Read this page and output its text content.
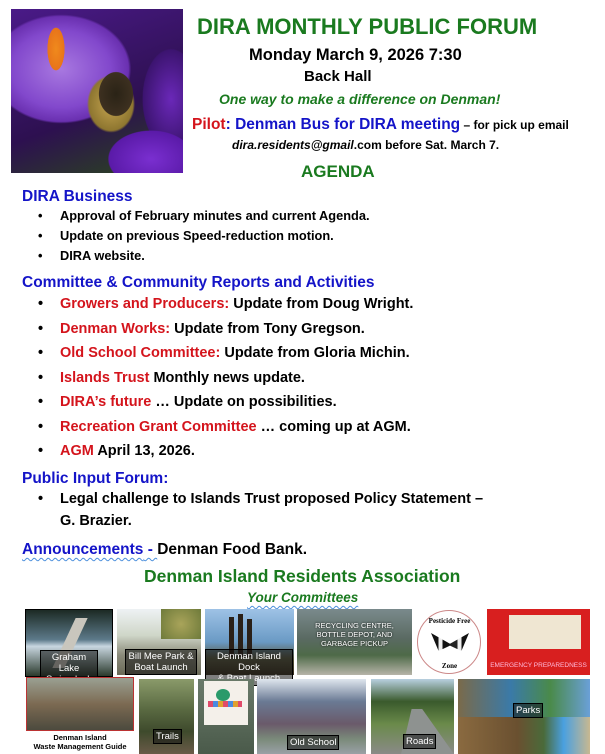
DIRA MONTHLY PUBLIC FORUM
Monday March 9, 2026 7:30
Back Hall
One way to make a difference on Denman!
Pilot: Denman Bus for DIRA meeting – for pick up email
dira.residents@gmail.com before Sat. March 7.
AGENDA
DIRA Business
• Approval of February minutes and current Agenda.
• Update on previous Speed-reduction motion.
• DIRA website.
Committee & Community Reports and Activities
• Growers and Producers: Update from Doug Wright.
• Denman Works: Update from Tony Gregson.
• Old School Committee: Update from Gloria Michin.
• Islands Trust Monthly news update.
• DIRA’s future … Update on possibilities.
• Recreation Grant Committee … coming up at AGM.
• AGM April 13, 2026.
Public Input Forum:
• Legal challenge to Islands Trust proposed Policy Statement –
G. Brazier.
Announcements - Denman Food Bank.
Denman Island Residents Association
Your Committees
Graham Lake

Bill Mee Park &
Boat Launch
Denman Island Dock

RECYCLING CENTRE, BOTTLE DEPOT, AND GARBAGE PICKUP
Pesticide Free
Zone	EMERGENCY PREPAREDNESS
Denman Island
Waste Management Guide
Trails
Old School	Roads
Parks
